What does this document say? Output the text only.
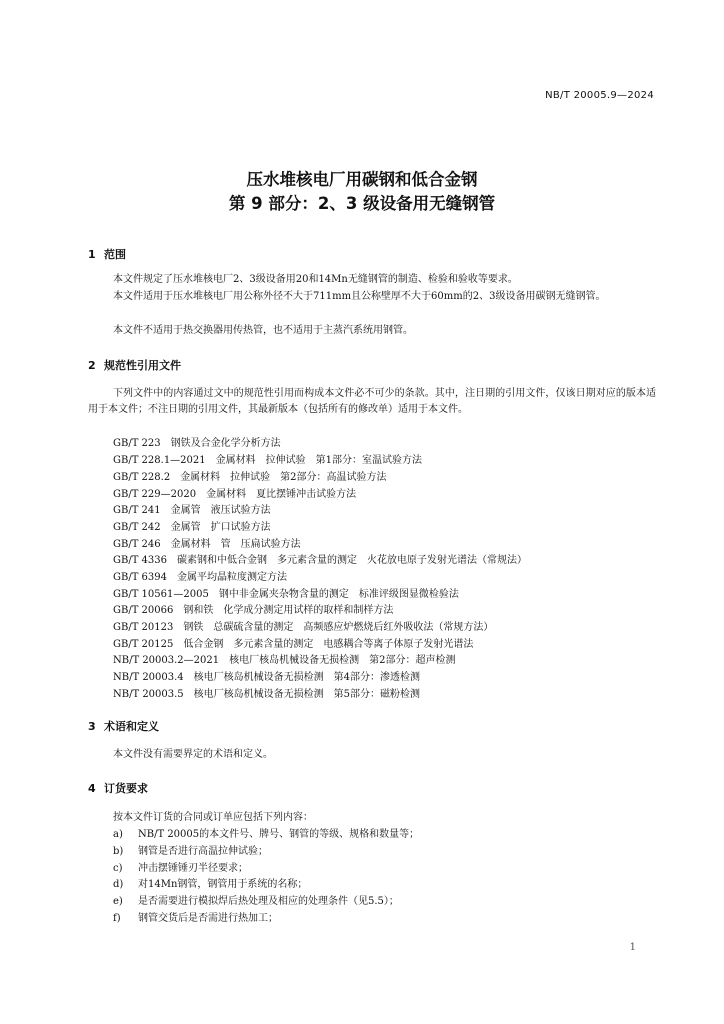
NB/T 20005.9—2024
压水堆核电厂用碳钢和低合金钢
第 9 部分：2、3 级设备用无缝钢管
1 范围
本文件规定了压水堆核电厂2、3级设备用20和14Mn无缝钢管的制造、检验和验收等要求。
本文件适用于压水堆核电厂用公称外径不大于711mm且公称壁厚不大于60mm的2、3级设备用碳钢无缝钢管。
本文件不适用于热交换器用传热管，也不适用于主蒸汽系统用钢管。
2 规范性引用文件
下列文件中的内容通过文中的规范性引用而构成本文件必不可少的条款。其中，注日期的引用文件，仅该日期对应的版本适用于本文件；不注日期的引用文件，其最新版本（包括所有的修改单）适用于本文件。
GB/T 223 钢铁及合金化学分析方法
GB/T 228.1—2021 金属材料　拉伸试验　第1部分：室温试验方法
GB/T 228.2 金属材料　拉伸试验　第2部分：高温试验方法
GB/T 229—2020 金属材料　夏比摆锤冲击试验方法
GB/T 241 金属管　液压试验方法
GB/T 242 金属管　扩口试验方法
GB/T 246 金属材料　管　压扁试验方法
GB/T 4336 碳素钢和中低合金钢　多元素含量的测定　火花放电原子发射光谱法（常规法）
GB/T 6394 金属平均晶粒度测定方法
GB/T 10561—2005 钢中非金属夹杂物含量的测定　标准评级图显微检验法
GB/T 20066 钢和铁　化学成分测定用试样的取样和制样方法
GB/T 20123 钢铁　总碳硫含量的测定　高频感应炉燃烧后红外吸收法（常规方法）
GB/T 20125 低合金钢　多元素含量的测定　电感耦合等离子体原子发射光谱法
NB/T 20003.2—2021 核电厂核岛机械设备无损检测　第2部分：超声检测
NB/T 20003.4 核电厂核岛机械设备无损检测　第4部分：渗透检测
NB/T 20003.5 核电厂核岛机械设备无损检测　第5部分：磁粉检测
3 术语和定义
本文件没有需要界定的术语和定义。
4 订货要求
按本文件订货的合同或订单应包括下列内容：
a) NB/T 20005的本文件号、牌号、钢管的等级、规格和数量等；
b) 钢管是否进行高温拉伸试验；
c) 冲击摆锤锤刃半径要求；
d) 对14Mn钢管，钢管用于系统的名称；
e) 是否需要进行模拟焊后热处理及相应的处理条件（见5.5）；
f) 钢管交货后是否需进行热加工；
1
